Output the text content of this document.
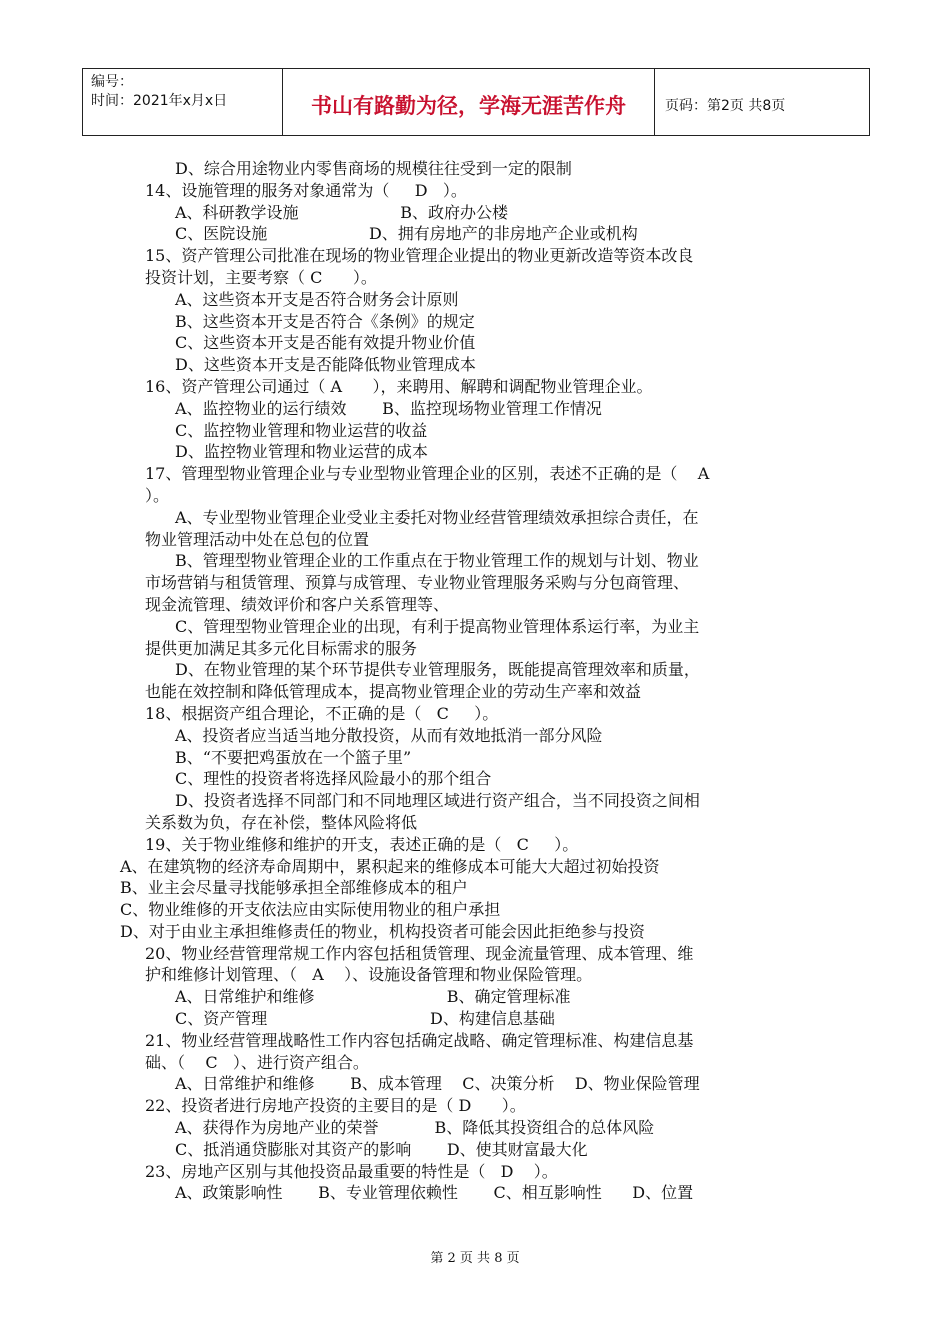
编号：
时间：2021年x月x日	书山有路勤为径，学海无涯苦作舟	页码：第2页 共8页
D、综合用途物业内零售商场的规模往往受到一定的限制
14、设施管理的服务对象通常为（     D   ）。
A、科研教学设施                    B、政府办公楼
C、医院设施                    D、拥有房地产的非房地产企业或机构
15、资产管理公司批准在现场的物业管理企业提出的物业更新改造等资本改良
投资计划，主要考察（ C      ）。
A、这些资本开支是否符合财务会计原则
B、这些资本开支是否符合《条例》的规定
C、这些资本开支是否能有效提升物业价值
D、这些资本开支是否能降低物业管理成本
16、资产管理公司通过（ A      ），来聘用、解聘和调配物业管理企业。
A、监控物业的运行绩效       B、监控现场物业管理工作情况
C、监控物业管理和物业运营的收益
D、监控物业管理和物业运营的成本
17、管理型物业管理企业与专业型物业管理企业的区别，表述不正确的是（    A
）。
A、专业型物业管理企业受业主委托对物业经营管理绩效承担综合责任，在
物业管理活动中处在总包的位置
B、管理型物业管理企业的工作重点在于物业管理工作的规划与计划、物业
市场营销与租赁管理、预算与成管理、专业物业管理服务采购与分包商管理、
现金流管理、绩效评价和客户关系管理等、
C、管理型物业管理企业的出现，有利于提高物业管理体系运行率，为业主
提供更加满足其多元化目标需求的服务
D、在物业管理的某个环节提供专业管理服务，既能提高管理效率和质量，
也能在效控制和降低管理成本，提高物业管理企业的劳动生产率和效益
18、根据资产组合理论，不正确的是（   C     ）。
A、投资者应当适当地分散投资，从而有效地抵消一部分风险
B、“不要把鸡蛋放在一个篮子里”
C、理性的投资者将选择风险最小的那个组合
D、投资者选择不同部门和不同地理区域进行资产组合，当不同投资之间相
关系数为负，存在补偿，整体风险将低
19、关于物业维修和维护的开支，表述正确的是（   C     ）。
A、在建筑物的经济寿命周期中，累积起来的维修成本可能大大超过初始投资
B、业主会尽量寻找能够承担全部维修成本的租户
C、物业维修的开支依法应由实际使用物业的租户承担
D、对于由业主承担维修责任的物业，机构投资者可能会因此拒绝参与投资
20、物业经营管理常规工作内容包括租赁管理、现金流量管理、成本管理、维
护和维修计划管理、（   A    ）、设施设备管理和物业保险管理。
A、日常维护和维修                          B、确定管理标准
C、资产管理                                D、构建信息基础
21、物业经营管理战略性工作内容包括确定战略、确定管理标准、构建信息基
础、（    C   ）、进行资产组合。
A、日常维护和维修       B、成本管理    C、决策分析    D、物业保险管理
22、投资者进行房地产投资的主要目的是（ D      ）。
A、获得作为房地产业的荣誉           B、降低其投资组合的总体风险
C、抵消通贷膨胀对其资产的影响       D、使其财富最大化
23、房地产区别与其他投资品最重要的特性是（   D    ）。
A、政策影响性       B、专业管理依赖性       C、相互影响性      D、位置
第 2 页 共 8 页
